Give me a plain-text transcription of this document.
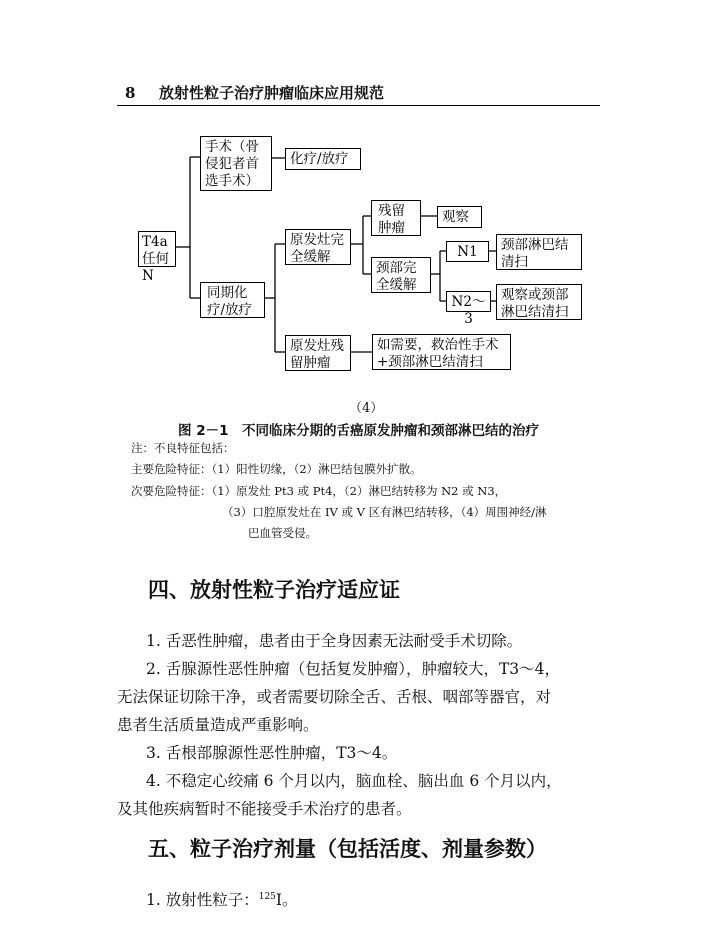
8 放射性粒子治疗肿瘤临床应用规范
T4a
任何N
手术（骨
侵犯者首
选手术）
化疗/放疗
同期化
疗/放疗
原发灶完
全缓解
残留
肿瘤
观察
颈部完
全缓解
N1	颈部淋巴结
清扫
N2～3
观察或颈部
淋巴结清扫
原发灶残
留肿瘤
如需要，救治性手术
+颈部淋巴结清扫
（4）
图 2－1　不同临床分期的舌癌原发肿瘤和颈部淋巴结的治疗
注：不良特征包括：
主要危险特征：（1）阳性切缘，（2）淋巴结包膜外扩散。
次要危险特征：（1）原发灶 Pt3 或 Pt4，（2）淋巴结转移为 N2 或 N3，
（3）口腔原发灶在 IV 或 V 区有淋巴结转移，（4）周围神经/淋
巴血管受侵。
四、放射性粒子治疗适应证
1. 舌恶性肿瘤，患者由于全身因素无法耐受手术切除。
2. 舌腺源性恶性肿瘤（包括复发肿瘤），肿瘤较大，T3～4，
无法保证切除干净，或者需要切除全舌、舌根、咽部等器官，对
患者生活质量造成严重影响。
3. 舌根部腺源性恶性肿瘤，T3～4。
4. 不稳定心绞痛 6 个月以内，脑血栓、脑出血 6 个月以内，
及其他疾病暂时不能接受手术治疗的患者。
五、粒子治疗剂量（包括活度、剂量参数）
1. 放射性粒子：$^{125}$I。
